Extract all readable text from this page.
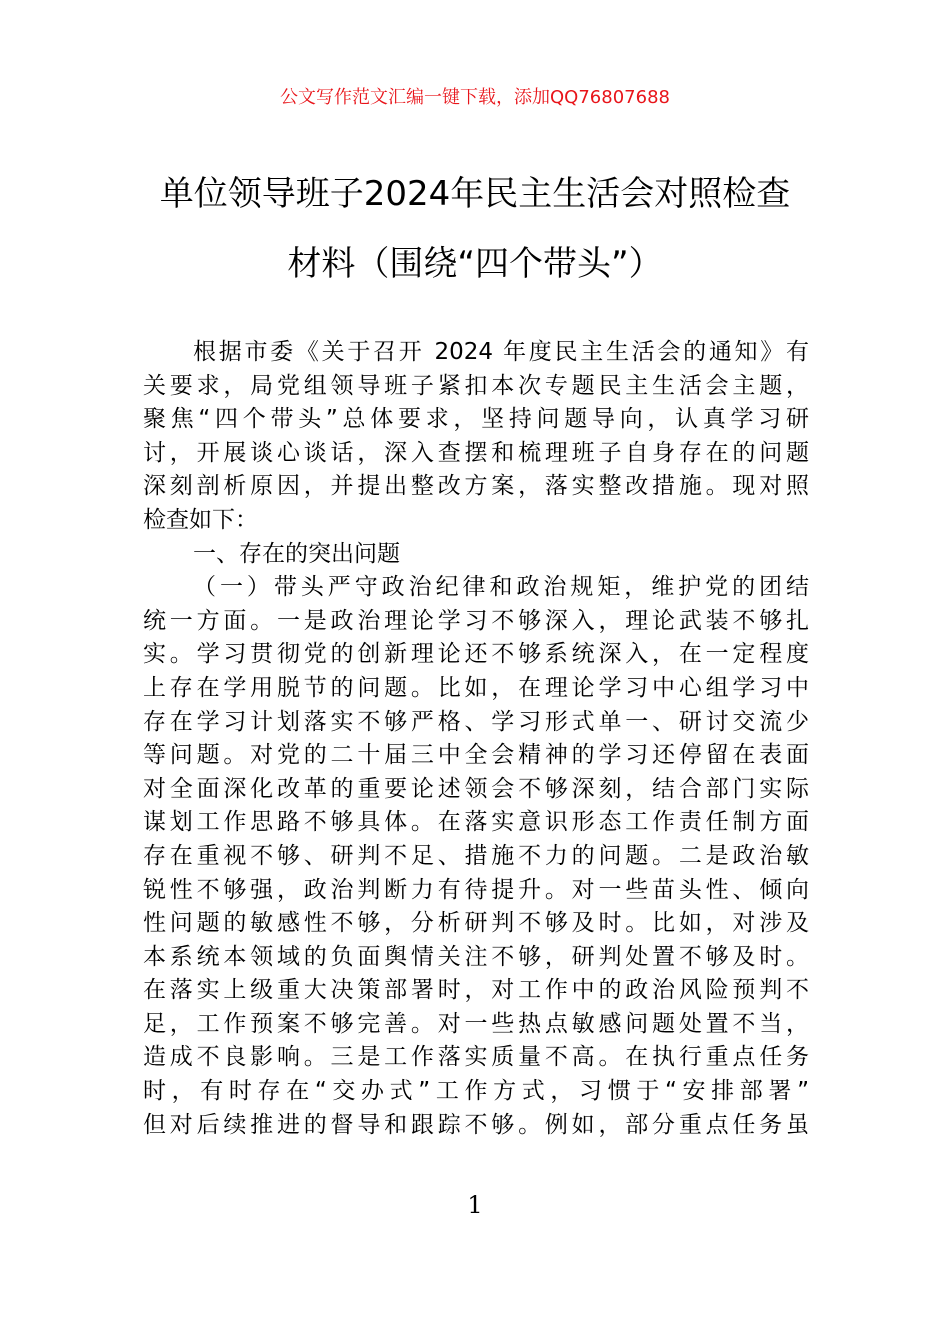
公文写作范文汇编一键下载，添加QQ76807688
单位领导班子2024年民主生活会对照检查
材料（围绕“四个带头”）
根据市委《关于召开 2024 年度民主生活会的通知》有
关要求，局党组领导班子紧扣本次专题民主生活会主题，
聚焦“四个带头”总体要求，坚持问题导向，认真学习研
讨，开展谈心谈话，深入查摆和梳理班子自身存在的问题
深刻剖析原因，并提出整改方案，落实整改措施。现对照
检查如下：
一、存在的突出问题
（一）带头严守政治纪律和政治规矩，维护党的团结
统一方面。一是政治理论学习不够深入，理论武装不够扎
实。学习贯彻党的创新理论还不够系统深入，在一定程度
上存在学用脱节的问题。比如，在理论学习中心组学习中
存在学习计划落实不够严格、学习形式单一、研讨交流少
等问题。对党的二十届三中全会精神的学习还停留在表面
对全面深化改革的重要论述领会不够深刻，结合部门实际
谋划工作思路不够具体。在落实意识形态工作责任制方面
存在重视不够、研判不足、措施不力的问题。二是政治敏
锐性不够强，政治判断力有待提升。对一些苗头性、倾向
性问题的敏感性不够，分析研判不够及时。比如，对涉及
本系统本领域的负面舆情关注不够，研判处置不够及时。
在落实上级重大决策部署时，对工作中的政治风险预判不
足，工作预案不够完善。对一些热点敏感问题处置不当，
造成不良影响。三是工作落实质量不高。在执行重点任务
时，有时存在“交办式”工作方式，习惯于“安排部署”
但对后续推进的督导和跟踪不够。例如，部分重点任务虽
1
